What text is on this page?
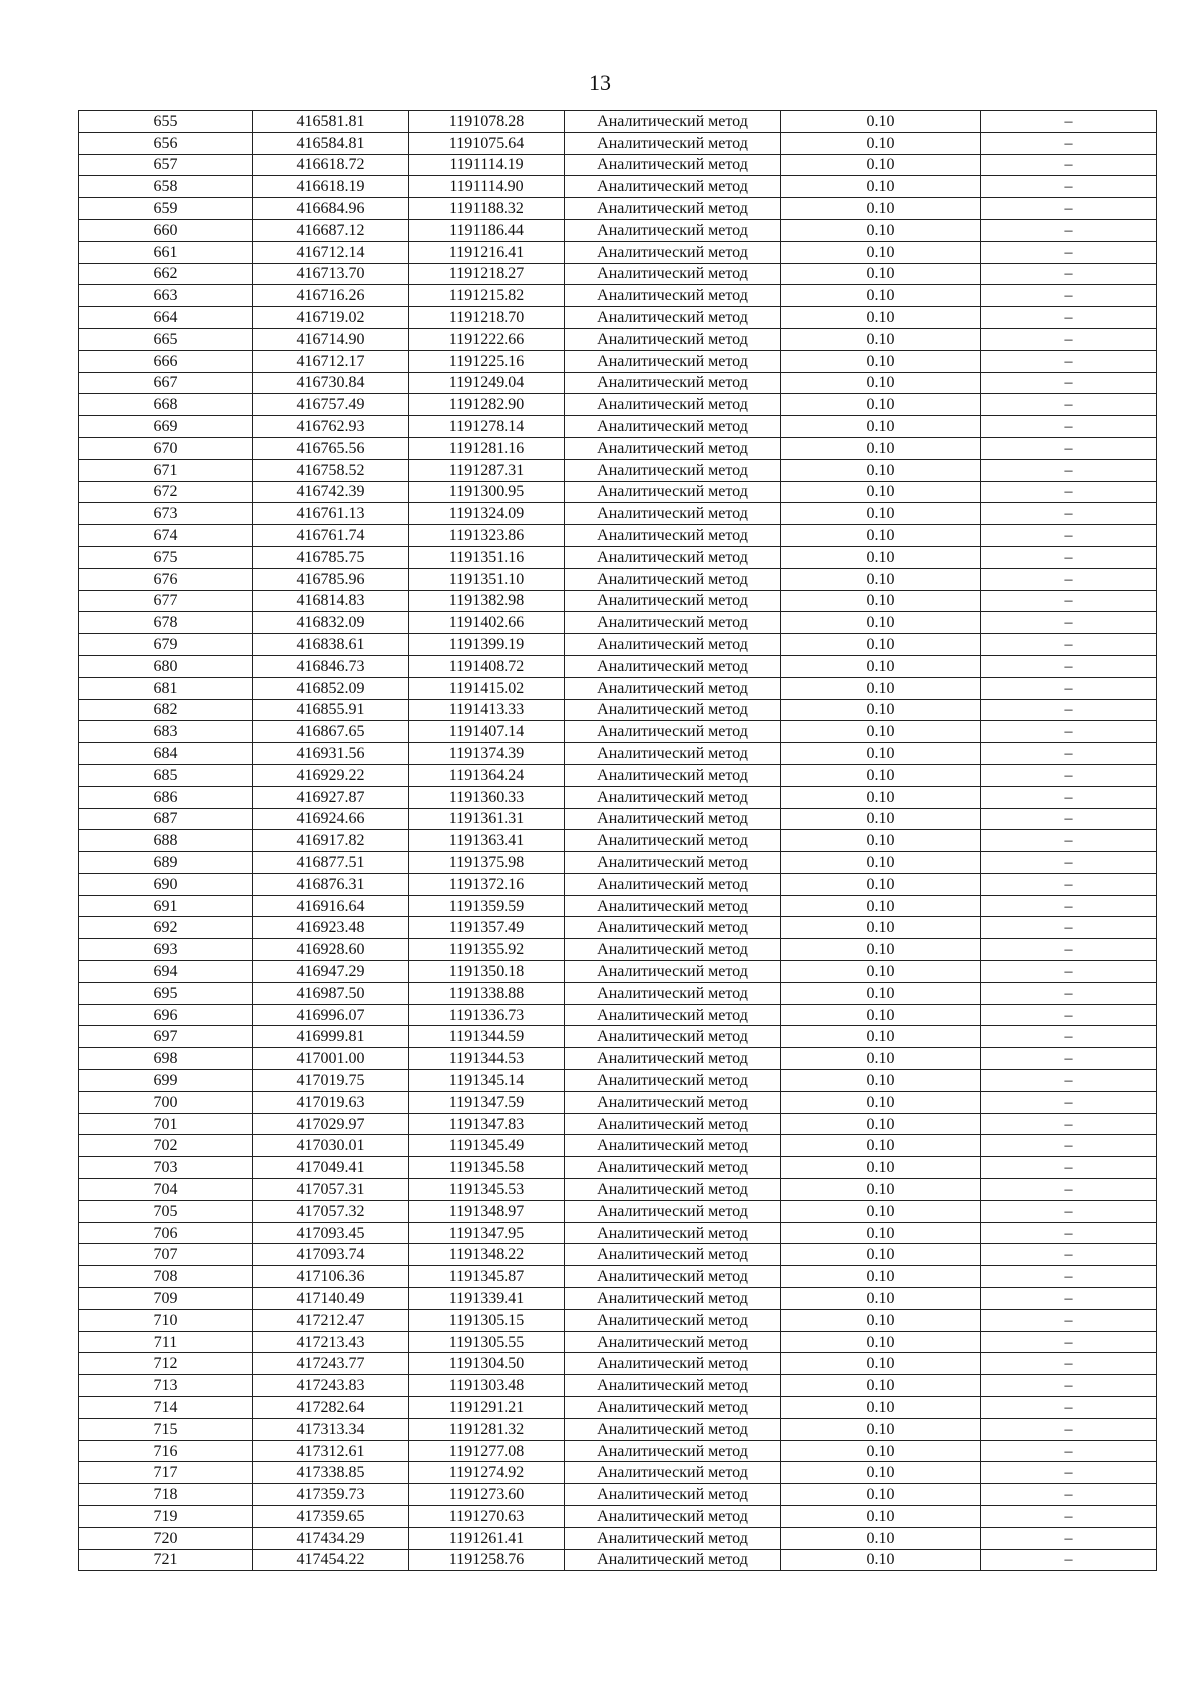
13
655	416581.81	1191078.28	Аналитический метод	0.10	–
656	416584.81	1191075.64	Аналитический метод	0.10	–
657	416618.72	1191114.19	Аналитический метод	0.10	–
658	416618.19	1191114.90	Аналитический метод	0.10	–
659	416684.96	1191188.32	Аналитический метод	0.10	–
660	416687.12	1191186.44	Аналитический метод	0.10	–
661	416712.14	1191216.41	Аналитический метод	0.10	–
662	416713.70	1191218.27	Аналитический метод	0.10	–
663	416716.26	1191215.82	Аналитический метод	0.10	–
664	416719.02	1191218.70	Аналитический метод	0.10	–
665	416714.90	1191222.66	Аналитический метод	0.10	–
666	416712.17	1191225.16	Аналитический метод	0.10	–
667	416730.84	1191249.04	Аналитический метод	0.10	–
668	416757.49	1191282.90	Аналитический метод	0.10	–
669	416762.93	1191278.14	Аналитический метод	0.10	–
670	416765.56	1191281.16	Аналитический метод	0.10	–
671	416758.52	1191287.31	Аналитический метод	0.10	–
672	416742.39	1191300.95	Аналитический метод	0.10	–
673	416761.13	1191324.09	Аналитический метод	0.10	–
674	416761.74	1191323.86	Аналитический метод	0.10	–
675	416785.75	1191351.16	Аналитический метод	0.10	–
676	416785.96	1191351.10	Аналитический метод	0.10	–
677	416814.83	1191382.98	Аналитический метод	0.10	–
678	416832.09	1191402.66	Аналитический метод	0.10	–
679	416838.61	1191399.19	Аналитический метод	0.10	–
680	416846.73	1191408.72	Аналитический метод	0.10	–
681	416852.09	1191415.02	Аналитический метод	0.10	–
682	416855.91	1191413.33	Аналитический метод	0.10	–
683	416867.65	1191407.14	Аналитический метод	0.10	–
684	416931.56	1191374.39	Аналитический метод	0.10	–
685	416929.22	1191364.24	Аналитический метод	0.10	–
686	416927.87	1191360.33	Аналитический метод	0.10	–
687	416924.66	1191361.31	Аналитический метод	0.10	–
688	416917.82	1191363.41	Аналитический метод	0.10	–
689	416877.51	1191375.98	Аналитический метод	0.10	–
690	416876.31	1191372.16	Аналитический метод	0.10	–
691	416916.64	1191359.59	Аналитический метод	0.10	–
692	416923.48	1191357.49	Аналитический метод	0.10	–
693	416928.60	1191355.92	Аналитический метод	0.10	–
694	416947.29	1191350.18	Аналитический метод	0.10	–
695	416987.50	1191338.88	Аналитический метод	0.10	–
696	416996.07	1191336.73	Аналитический метод	0.10	–
697	416999.81	1191344.59	Аналитический метод	0.10	–
698	417001.00	1191344.53	Аналитический метод	0.10	–
699	417019.75	1191345.14	Аналитический метод	0.10	–
700	417019.63	1191347.59	Аналитический метод	0.10	–
701	417029.97	1191347.83	Аналитический метод	0.10	–
702	417030.01	1191345.49	Аналитический метод	0.10	–
703	417049.41	1191345.58	Аналитический метод	0.10	–
704	417057.31	1191345.53	Аналитический метод	0.10	–
705	417057.32	1191348.97	Аналитический метод	0.10	–
706	417093.45	1191347.95	Аналитический метод	0.10	–
707	417093.74	1191348.22	Аналитический метод	0.10	–
708	417106.36	1191345.87	Аналитический метод	0.10	–
709	417140.49	1191339.41	Аналитический метод	0.10	–
710	417212.47	1191305.15	Аналитический метод	0.10	–
711	417213.43	1191305.55	Аналитический метод	0.10	–
712	417243.77	1191304.50	Аналитический метод	0.10	–
713	417243.83	1191303.48	Аналитический метод	0.10	–
714	417282.64	1191291.21	Аналитический метод	0.10	–
715	417313.34	1191281.32	Аналитический метод	0.10	–
716	417312.61	1191277.08	Аналитический метод	0.10	–
717	417338.85	1191274.92	Аналитический метод	0.10	–
718	417359.73	1191273.60	Аналитический метод	0.10	–
719	417359.65	1191270.63	Аналитический метод	0.10	–
720	417434.29	1191261.41	Аналитический метод	0.10	–
721	417454.22	1191258.76	Аналитический метод	0.10	–
